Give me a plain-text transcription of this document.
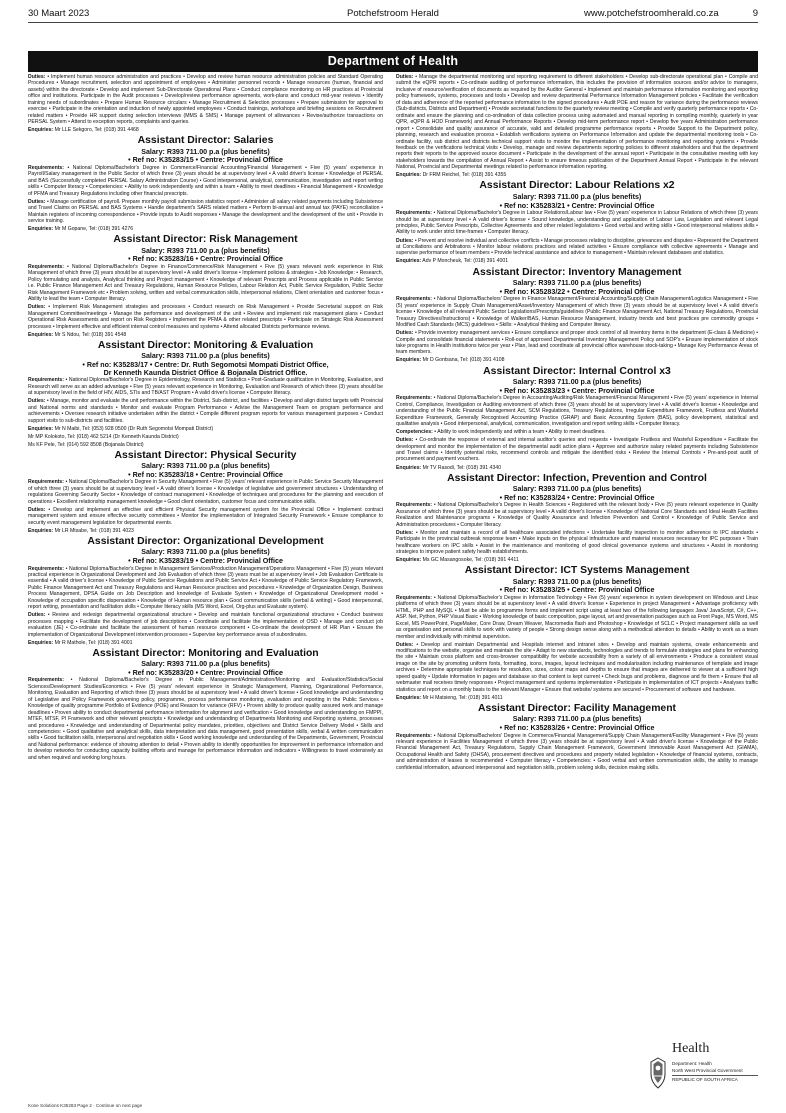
30 Maart 2023	Potchefstroom Herald	www.potchefstroomherald.co.za	9
Department of Health
Duties: • Implement human resource administration and practices • Develop and review human resource administration policies and Standard Operating Procedures • Manage recruitment, selection and appointment of employees • Administer personnel records • Manage resources (human, financial and assets) within the directorate • Develop and implement Sub-Directorate Operational Plans • Conduct compliance monitoring on HR practices at Provincial office and institutions. Participate in the Audit processes • Develop/review performance agreements, work-plans and conduct mid-year reviews • Identify training needs of subordinates • Prepare Human Resource circulars • Manage Recruitment & Selection processes • Prepare submission for approval to exercise • Participate in the orientation and induction of newly appointed employees • Conduct trainings, workshops and briefing sessions on Recruitment related matters • Provide HR support during selection interviews (MMS & SMS) • Manage payment of allowances • Revise/authorize transactions on PERSAL System • Attend to exception reports, complaints and queries.
Enquiries: Mr LLE Sekgoro, Tel: (018) 391 4468
Assistant Director: Salaries
Salary: R393 711.00 p.a (plus benefits)
• Ref no: K35283/15 • Centre: Provincial Office
Requirements: • National Diploma/Bachelor's Degree in Commerce/Financial Accounting/Financial Management • Five (5) years' experience in Payroll/Salary management in the Public Sector of which three (3) years should be at supervisory level • A valid driver's license • Knowledge of PERSAL and BAS (Successfully completed PERSAL Salary Administration Course) • Good interpersonal, analytical, communication, investigation and report writing skills • Computer literacy • Competencies: • Ability to work independently and within a team • Ability to meet deadlines • Financial Management • Knowledge of PFMA and Treasury Regulations including other financial prescripts.
Duties: • Manage certification of payroll. Prepare monthly payroll submission statistics report • Administer all salary related payments including Subsistence and Travel Claims on PERSAL and BAS Systems • Handle department's SARS related matters • Perform bi-annual and annual tax (PAYE) reconciliation • Maintain registers of incoming correspondence • Provide inputs to Audit responses • Manage the development and the development of the unit • Provide in service training.
Enquiries: Mr M Gopane, Tel: (018) 391 4276
Assistant Director: Risk Management
Salary: R393 711.00 p.a (plus benefits)
• Ref no: K35283/16 • Centre: Provincial Office
Requirements: • National Diploma/Bachelor's Degree in Finance/Commerce/Risk Management • Five (5) years relevant work experience in Risk Management of which three (3) years should be at supervisory level • A valid driver's license • Implement policies & strategies • Job Knowledge: • Research, Policy formulating and analysis, Analytical thinking and Project management • Knowledge of relevant Prescripts and Process applicable in Public Service i.e. Public Finance Management Act and Treasury Regulations, Human Resource Policies, Labour Relation Act, Public Service Regulation, Public Sector Risk Management Framework etc • Problem solving, written and verbal communication skills, interpersonal relations, Client orientation and customer focus • Ability to lead the team • Computer literacy.
Duties: • Implement Risk Management strategies and processes • Conduct research on Risk Management • Provide Secretarial support on Risk Management Committee/meetings • Manage the performance and development of the unit • Review and implement risk management plans • Conduct Operational Risk Assessments and report on Risk Registers • Implement the PFMA & other related prescripts • Participate on Strategic Risk Assessment processes • Implement effective and efficient internal control measures and systems • Attend allocated Districts performance reviews.
Enquiries: Mr S Ndou, Tel: (018) 391 4548
Assistant Director: Monitoring & Evaluation
Salary: R393 711.00 p.a (plus benefits)
• Ref no: K35283/17 • Centre: Dr. Ruth Segomotsi Mompati District Office,
Dr Kenneth Kaunda District Office & Bojanala District Office.
Requirements: • National Diploma/Bachelor's Degree in Epidemiology, Research and Statistics • Post-Graduate qualification in Monitoring, Evaluation, and Research will serve as an added advantage • Five (5) years relevant experience in Monitoring, Evaluation and Research of which three (3) years should be at supervisory level in the field of HIV, AIDS, STIs and TB/AST Program • A valid driver's license • Computer literacy.
Duties: • Manage, monitor and evaluate the unit performance within the District, Sub-district, and facilities • Develop and align district targets with Provincial and National norms and standards • Monitor and evaluate Program Performance • Advise the Management Team on program performance and achievements • Oversee research initiative undertaken within the district • Compile different program reports for various management purposes • Conduct support visits to sub-districts and facilities.
Enquiries: Mr N Maibi, Tel: (053) 928 0500 (Dr Ruth Segomotsi Mompati District)
Mr MP Kolokoto, Tel: (018) 462 5214 (Dr Kenneth Kaunda District)
Ms KF Pele, Tel: (014) 592 8508 (Bojanala District)
Assistant Director: Physical Security
Salary: R393 711.00 p.a (plus benefits)
• Ref no: K35283/18 • Centre: Provincial Office
Requirements: • National Diploma/Bachelor's Degree in Security Management • Five (5) years' relevant experience in Public Service Security Management of which three (3) years should be at supervisory level • A valid driver's license • Knowledge of legislative and government structures • Understanding of regulations Governing Security Sector • Knowledge of contract management • Knowledge of techniques and procedures for the planning and execution of operations • Excellent relationship management knowledge • Good client orientation, customer focus and communication skills.
Duties: • Develop and implement an effective and efficient Physical Security management system for the Provincial Office • Implement contract management system and ensure effective security committees • Monitor the implementation of Integrated Security Framework • Ensure compliance to security event management legislation for departmental events.
Enquiries: Mr LR Mtsabe, Tel: (018) 391 4023
Assistant Director: Organizational Development
Salary: R393 711.00 p.a (plus benefits)
• Ref no: K35283/19 • Centre: Provincial Office
Requirements: • National Diploma/Bachelor's Degree in Management Services/Production Management/Operations Management • Five (5) years relevant practical experience in Organizational Development and Job Evaluation of which three (3) years must be at supervisory level • Job Evaluation Certificate is essential • A valid driver's license • Knowledge of Public Service Regulations and Public Service Act • Knowledge of Public Service Regulatory Framework, Public Finance Management Act and Treasury Regulations and Human Resource practices and procedures • Knowledge of Organization Design, Business Process Management, DPSA Guide on Job Description and knowledge of Evaluate System • Knowledge of Organizational Development model • Knowledge of occupation specific dispensation • Knowledge of Human resource plan • Good communication skills (verbal & writing) • Good interpersonal, report writing, presentation and facilitation skills • Computer literacy skills (MS Word, Excel, Org-plus and Evaluate system).
Duties: • Review and redesign departmental organizational structure • Develop and maintain functional organizational structures • Conduct business processes mapping • Facilitate the development of job descriptions • Coordinate and facilitate the implementation of OSD • Manage and conduct job evaluation (JE) • Co-ordinate and facilitate the assessment of human resource component • Co-ordinate the development of HR Plan • Ensure the implementation of Organizational Development intervention processes • Supervise key performance areas of subordinates.
Enquiries: Mr R Mathole, Tel: (018) 391 4001
Assistant Director: Monitoring and Evaluation
Salary: R393 711.00 p.a (plus benefits)
• Ref no: K35283/20 • Centre: Provincial Office
Requirements: • National Diploma/Bachelor's Degree in Public Management/Administration/Monitoring and Evaluation/Statistics/Social Sciences/Development Studies/Economics • Five (5) years' relevant experience in Strategic Management, Planning, Organizational Performance, Monitoring, Evaluation and Reporting of which three (3) years should be at supervisory level • A valid driver's license • Good knowledge and understanding of Legislative and Policy Framework governing policy, programme, process performance monitoring, evaluation and reporting in the Public Services • Knowledge of quality programme Portfolio of Evidence (POE) and Reason for variance (RFV) • Proven ability to produce quality assured work and manage deadlines • Proven ability to conduct departmental performance information for alignment and verification • Good knowledge and understanding on FMPPI, MTEF, MTSF, PI Framework and other relevant prescripts • Knowledge and understanding of Departments Monitoring and Reporting systems, processes and procedures • Knowledge and understanding of Departmental policy mandates, priorities, objectives and District Service Delivery Model • Skills and competencies: • Good qualitative and analytical skills, data interpretation and data management, good presentation skills, verbal & written communication skills • Good facilitation skills, interpersonal and negotiation skills • Good working knowledge and understanding of the Departments, Government, Provincial and National performance: evidence of showing attention to detail • Proven ability to identify opportunities for improvement in performance information and to develop networks for conducting capacity building efforts and manage for performance information and indicators • Willingness to travel extensively as and when required and working long hours.
Duties: • Manage the departmental monitoring and reporting requirement to different stakeholders • Develop sub-directorate operational plan • Compile and submit the eQPR reports • Co-ordinate auditing of performance information, this includes the provision of information sources and/or advice to managers, inclusive of resource/verification of documents as required by the Auditor General • Implement and maintain performance information monitoring and reporting policy framework, systems, processes and tools • Develop and review departmental Performance Information Management policies • Facilitate the verification of data and adherence of the reported performance information to the signed procedures • Audit POE and reason for variance during the performance reviews (Sub-districts, Districts and Department) • Provide secretariat functions to the quarterly review meeting • Compile and verify quarterly performance reports • Co-ordinate and ensure the planning and co-ordination of data collection process using automated and manual reporting in compiling monthly, quarterly in year QPR, eQPR & HOD Framework) and Annual Performance Reports • Develop mid-term performance report • Develop five years Administration performance report • Consolidate and quality assurance of accurate, valid and detailed programme performance reports • Provide Support to the Department policy, planning, research and evaluation process • Establish verifications systems on Performance Information and update the departmental monitoring tools • Co-ordinate facility, sub district and districts technical support visits to monitor the implementation of performance monitoring and reporting systems • Provide feedback on the verifications technical visits • Develop, manage and review departments reporting policies to different stakeholders and that the department reports their reports to the approved source document • Participate in the development of the annual report • Participate in the consultative meeting with key stakeholders towards the compilation of Annual Report • Assist to ensure timeous publication of the Department Annual Report • Participate in the relevant National, Provincial and Departmental meetings related to performance information reporting.
Enquiries: Dr FRM Reichel, Tel: (018) 391 4355
Assistant Director: Labour Relations x2
Salary: R393 711.00 p.a (plus benefits)
• Ref no: K35283/21 • Centre: Provincial Office
Requirements: • National Diploma/Bachelor's Degree in Labour Relations/Labour law • Five (5) years' experience in Labour Relations of which three (3) years should be at supervisory level • A valid driver's license • Sound knowledge, understanding and application of Labour Law, Legislation and relevant Legal principles, Public Service Prescripts, Collective Agreements and other related legislations • Good verbal and writing skills • Good interpersonal relations skills • Ability to work under strict time-frames • Computer literacy.
Duties: • Prevent and resolve individual and collective conflicts • Manage processes relating to discipline, grievances and disputes • Represent the Department at Conciliations and Arbitrations • Monitor labour relations practices and related activities • Ensure compliance with collective agreements • Manage and supervise performance of team members • Provide technical assistance and advice to management • Maintain relevant databases and statistics.
Enquiries: Adv P Moncheuk, Tel: (018) 391 4001
Assistant Director: Inventory Management
Salary: R393 711.00 p.a (plus benefits)
• Ref no: K35283/22 • Centre: Provincial Office
Requirements: • National Diploma/Bachelors' Degree in Finance Management/Financial Accounting/Supply Chain Management/Logistics Management • Five (5) years' experience in Supply Chain Management/Asset/Inventory Management of which three (3) years should be at supervisory level • A valid driver's license • Knowledge of all relevant Public Sector Legislations/Prescripts/guidelines (Public Finance Management Act, National Treasury Regulations, Provincial Treasury Directives/Instructions) • Knowledge of Walker/BAS, Human Resource Management, industry trends and best practices pre commodity groups • Modified Cash Standards (MCS) guidelines • Skills: • Analytical thinking and Computer literacy.
Duties: • Provide inventory management services • Ensure compliance and proper stock control of all inventory items in the department (E-class & Medicine) • Compile and consolidate financial statements • Roll-out of approved Departmental Inventory Management Policy and SOP's • Ensure implementation of stock take programs in Health institutions twice per year • Plan, lead and coordinate all provincial office warehouse stock-taking • Manage Key Performance Areas of team members.
Enquiries: Mr D Gontsana, Tel: (018) 391 4108
Assistant Director: Internal Control x3
Salary: R393 711.00 p.a (plus benefits)
• Ref no: K35283/23 • Centre: Provincial Office
Requirements: • National Diploma/Bachelor's Degree in Accounting/Auditing/Risk Management/Financial Management • Five (5) years' experience in Internal Control, Compliance, Investigation or Auditing environment of which three (3) years should be at supervisory level • A valid driver's license • Knowledge and understanding of the Public Financial Management Act, SCM Regulations, Treasury Regulations, Irregular Expenditure Framework, Fruitless and Wasteful Expenditure Framework, Generally Recognised Accounting Practice (GRAP) and Basic Accounting System (BAS), policy development, statistical and qualitative analysis • Good interpersonal, analytical, communication, investigation and report writing skills • Computer literacy.
Competencies: • Ability to work independently and within a team • Ability to meet deadlines.
Duties: • Co-ordinate the response of external and internal auditor's queries and requests • Investigate Fruitless and Wasteful Expenditure • Facilitate the development and monitor the implementation of the departmental audit action plans • Approve and authorize salary related payments including Subsistence and Travel claims • Identify potential risks, recommend controls and mitigate the identified risks • Review the Internal Controls • Pre-and-post audit of procurement and payment vouchers.
Enquiries: Mr TV Rasodi, Tel: (018) 391 4340
Assistant Director: Infection, Prevention and Control
Salary: R393 711.00 p.a (plus benefits)
• Ref no: K35283/24 • Centre: Provincial Office
Requirements: • National Diploma/Bachelor's Degree in Health Sciences • Registered with the relevant body • Five (5) years relevant experience in Quality Assurance of which three (3) years should be at supervisory level • A valid driver's license • Knowledge of National Core Standards and Ideal Health Facilities Realization and Maintenance programs • Knowledge of Quality Assurance and Infection Prevention and Control • Knowledge of Public Service and Administration procedures • Computer literacy.
Duties: • Monitor and maintain a record of all healthcare associated infections • Undertake facility inspection to monitor adherence to IPC standards • Participate in the provincial outbreak response team • Make inputs on the physical infrastructure and material resources necessary for IPC purposes • Train healthcare workers on IPC skills • Assist in the maintenance and monitoring of good clinical governance systems and structures • Assist in monitoring strategies to improve patient safety health establishments.
Enquiries: Ms GC Masangosoke, Tel: (018) 391 4411
Assistant Director: ICT Systems Management
Salary: R393 711.00 p.a (plus benefits)
• Ref no: K35283/25 • Centre: Provincial Office
Requirements: • National Diploma/Bachelor's Degree in Information Technology • Five (5) years' experience in system development on Windows and Linux platforms of which three (3) years should be at supervisory level • A valid driver's license • Experience in project Management • Advantage proficiency with HTML, PHP and MySQL • Must be able to programme forms and implement script using at least two of the following languages Java/ JavaScript, C#, C++, ASP. Net, Python, PHP Visual Basic • Working knowledge of basic composition, page layout, art and presentation packages such as Front Page, MS Word, MS Excel, MS PowerPoint, PageMaker, Core Draw, Dream Weaver, Macromedia flash and Photoshop • Knowledge of SCLC • Project management skills as well as organisation and personal skills to work with variety of people • Strong design sense along with a methodical attention to details • Ability to work as a team member and individually with minimal supervision.
Duties: • Develop and maintain Departmental and Hospitals internet and intranet sites • Develop and maintain systems, create enhancements and modifications to the website, organise and maintain the site • Adapt to new standards, technologies and trends to formulate strategies and plans for enhancing the site • Maintain cross platform and cross-browser compatibility for website accessibility from a variety of all environments • Produce a consistent visual image on the site by promoting uniform fonts, formatting, icons, images, layout techniques and modularisation including maintenance of template and image archives • Determine appropriate techniques for resolution, sizes, colour maps and depths to ensure that images are delivered to viewer at a sufficient high speed quality • Update information in pages and database so that content is kept current • Check bugs and problems, diagnose and fix them • Ensure that all webmaster mail receives timely responses • Project management and systems implementation • Participate in implementation of ICT projects • Analyses traffic statistics and report on a monthly basis to the relevant Manager • Ensure that website/ systems are secured • Procurement of software and hardware.
Enquiries: Mr H Matsieng, Tel: (018) 391 4011
Assistant Director: Facility Management
Salary: R393 711.00 p.a (plus benefits)
• Ref no: K35283/26 • Centre: Provincial Office
Requirements: • National Diploma/Bachelors' Degree in Commerce/Financial Management/Supply Chain Management/Facility Management • Five (5) years relevant experience in Facilities Management of which three (3) years should be at supervisory level • A valid driver's license • Knowledge of the Public Financial Management Act, Treasury Regulations, Supply Chain Management Framework, Government Immovable Asset Management Act (GIAMA), Occupational Health and Safety (OHSA), procurement directives and procedures and property related legislation • Knowledge of financial systems, contracts, and administration of leases is recommended • Computer literacy • Competencies: • Good verbal and written communication skills, the ability to manage confidential information, advanced interpersonal and negotiation skills, problem solving skills, decision making skills.
Kone Solutions K35283 Page 2 · Continue on next page
Health
Department: Health
North West Provincial Government
REPUBLIC OF SOUTH AFRICA
